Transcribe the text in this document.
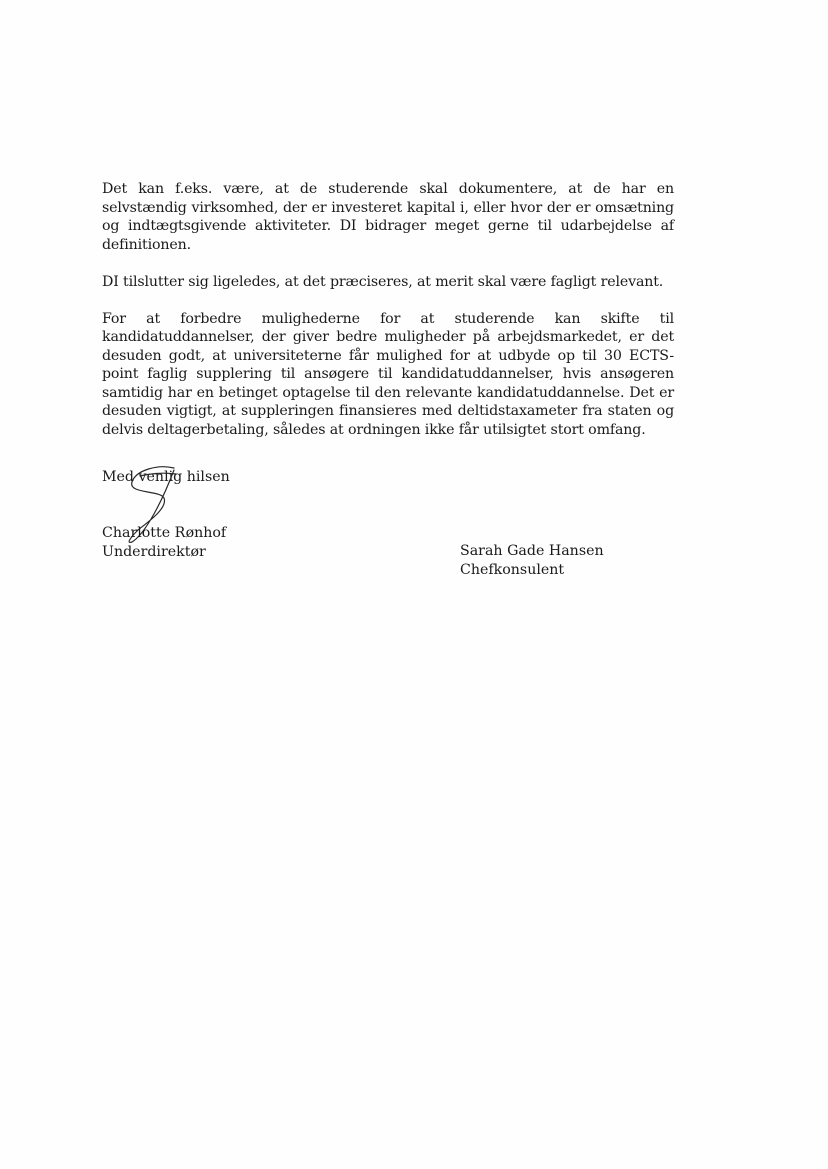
Det kan f.eks. være, at de studerende skal dokumentere, at de har en selvstændig virksomhed, der er investeret kapital i, eller hvor der er omsætning og indtægtsgivende aktiviteter. DI bidrager meget gerne til udarbejdelse af definitionen.

DI tilslutter sig ligeledes, at det præciseres, at merit skal være fagligt relevant.

For at forbedre mulighederne for at studerende kan skifte til kandidatuddannelser, der giver bedre muligheder på arbejdsmarkedet, er det desuden godt, at universiteterne får mulighed for at udbyde op til 30 ECTS-point faglig supplering til ansøgere til kandidatuddannelser, hvis ansøgeren samtidig har en betinget optagelse til den relevante kandidatuddannelse. Det er desuden vigtigt, at suppleringen finansieres med deltidstaxameter fra staten og delvis deltagerbetaling, således at ordningen ikke får utilsigtet stort omfang.

Med venlig hilsen
Charlotte Rønhof
Underdirektør	Sarah Gade Hansen
Chefkonsulent
